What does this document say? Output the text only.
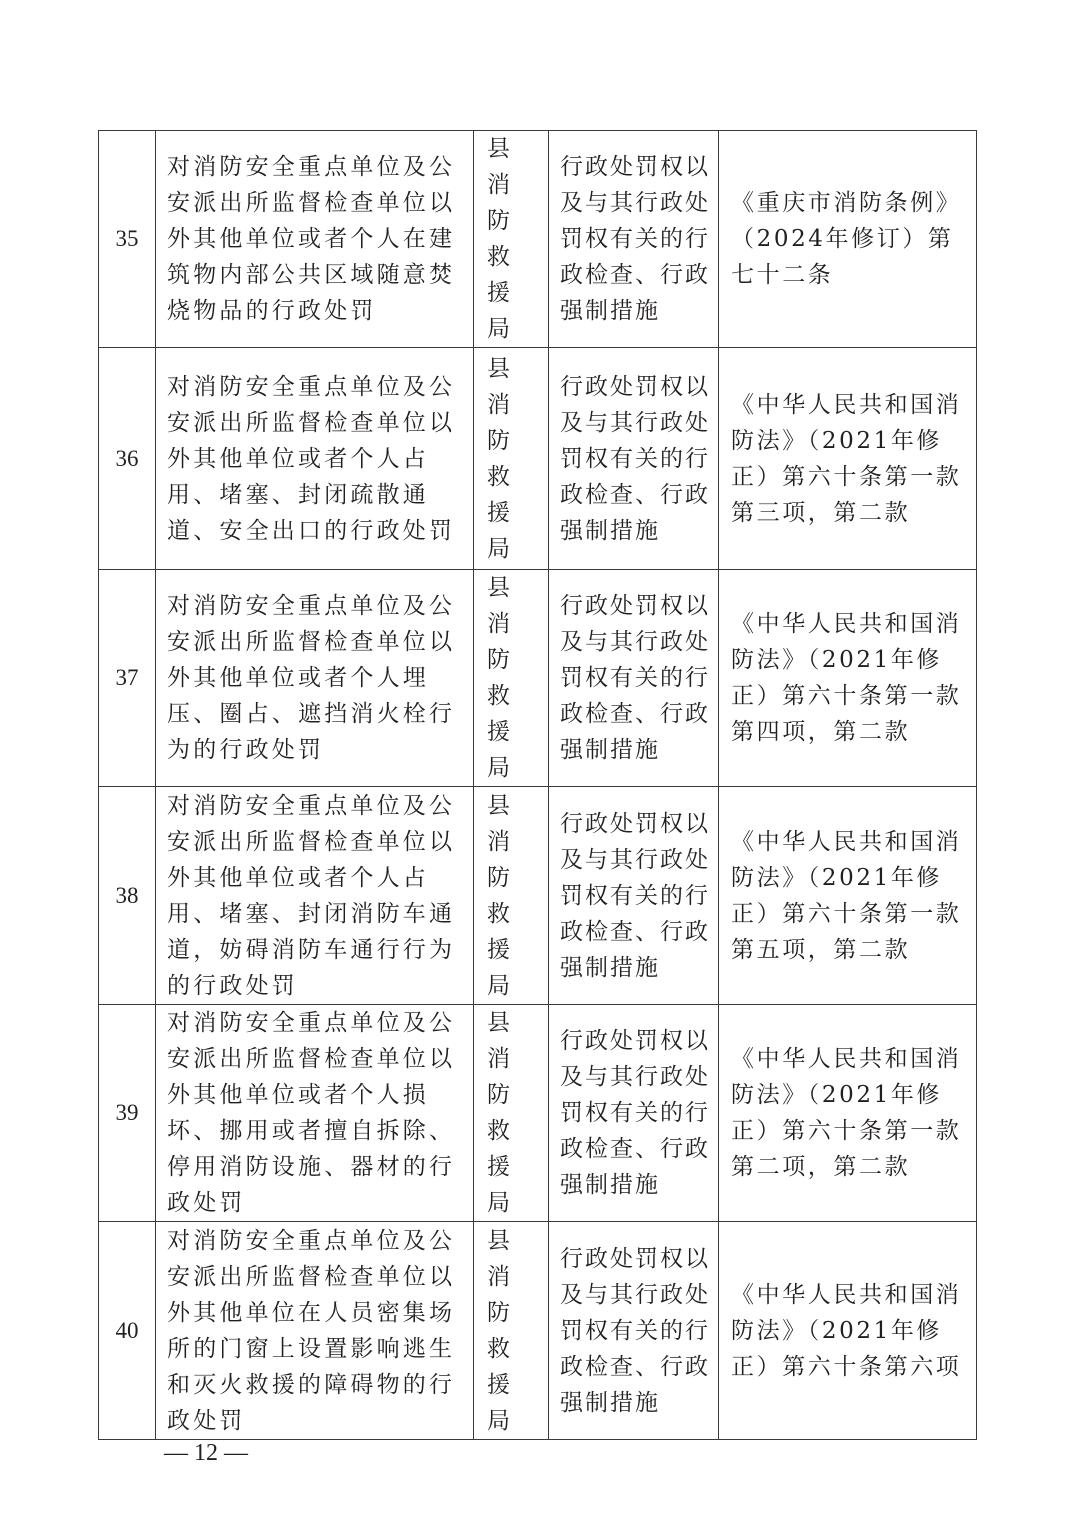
35	对消防安全重点单位及公安派出所监督检查单位以外其他单位或者个人在建筑物内部公共区域随意焚烧物品的行政处罚	县消防救援局	行政处罚权以及与其行政处罚权有关的行政检查、行政强制措施	《重庆市消防条例》（2024年修订）第七十二条
36	对消防安全重点单位及公安派出所监督检查单位以外其他单位或者个人占用、堵塞、封闭疏散通道、安全出口的行政处罚	县消防救援局	行政处罚权以及与其行政处罚权有关的行政检查、行政强制措施	《中华人民共和国消防法》（2021年修正）第六十条第一款第三项，第二款
37	对消防安全重点单位及公安派出所监督检查单位以外其他单位或者个人埋压、圈占、遮挡消火栓行为的行政处罚	县消防救援局	行政处罚权以及与其行政处罚权有关的行政检查、行政强制措施	《中华人民共和国消防法》（2021年修正）第六十条第一款第四项，第二款
38	对消防安全重点单位及公安派出所监督检查单位以外其他单位或者个人占用、堵塞、封闭消防车通道，妨碍消防车通行行为的行政处罚	县消防救援局	行政处罚权以及与其行政处罚权有关的行政检查、行政强制措施	《中华人民共和国消防法》（2021年修正）第六十条第一款第五项，第二款
39	对消防安全重点单位及公安派出所监督检查单位以外其他单位或者个人损坏、挪用或者擅自拆除、停用消防设施、器材的行政处罚	县消防救援局	行政处罚权以及与其行政处罚权有关的行政检查、行政强制措施	《中华人民共和国消防法》（2021年修正）第六十条第一款第二项，第二款
40	对消防安全重点单位及公安派出所监督检查单位以外其他单位在人员密集场所的门窗上设置影响逃生和灭火救援的障碍物的行政处罚	县消防救援局	行政处罚权以及与其行政处罚权有关的行政检查、行政强制措施	《中华人民共和国消防法》（2021年修正）第六十条第六项
— 12 —
